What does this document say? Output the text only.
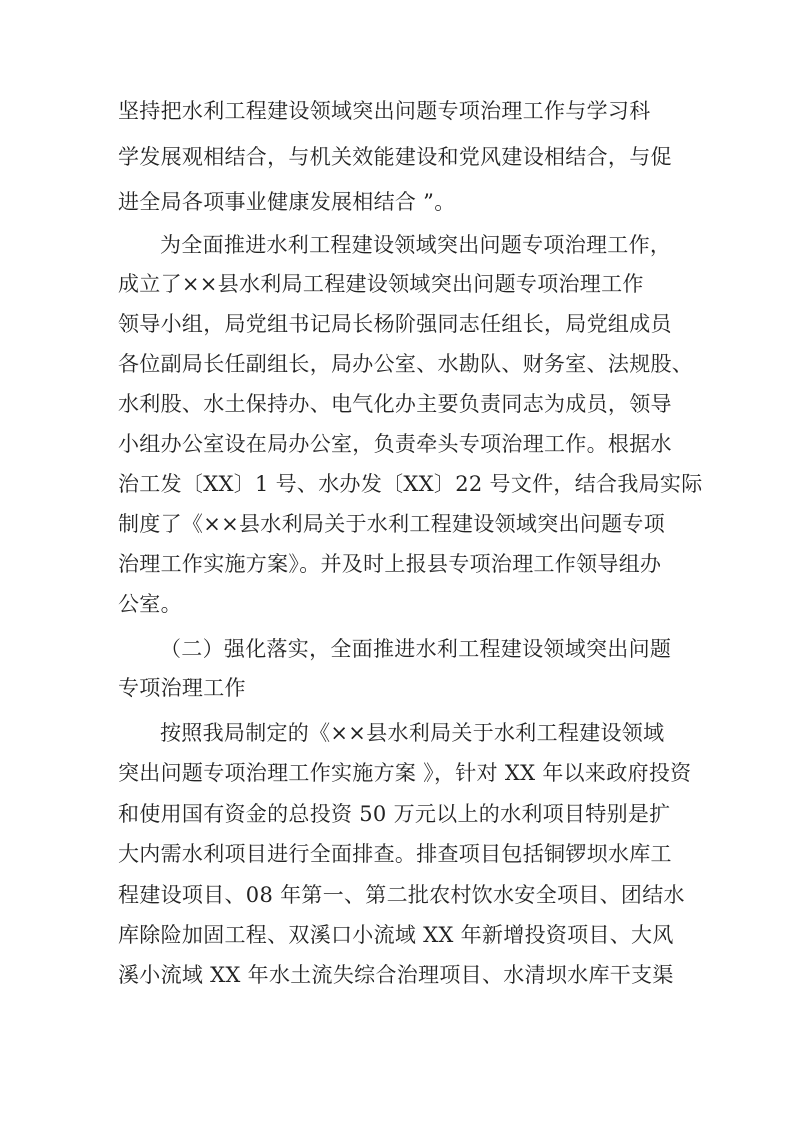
坚持把水利工程建设领域突出问题专项治理工作与学习科
学发展观相结合，与机关效能建设和党风建设相结合，与促
进全局各项事业健康发展相结合 ”。
为全面推进水利工程建设领域突出问题专项治理工作，
成立了××县水利局工程建设领域突出问题专项治理工作
领导小组，局党组书记局长杨阶强同志任组长，局党组成员
各位副局长任副组长，局办公室、水勘队、财务室、法规股、
水利股、水土保持办、电气化办主要负责同志为成员，领导
小组办公室设在局办公室，负责牵头专项治理工作。根据水
治工发〔XX〕1 号、水办发〔XX〕22 号文件，结合我局实际
制度了《××县水利局关于水利工程建设领域突出问题专项
治理工作实施方案》。并及时上报县专项治理工作领导组办
公室。
（二）强化落实，全面推进水利工程建设领域突出问题
专项治理工作
按照我局制定的《××县水利局关于水利工程建设领域
突出问题专项治理工作实施方案 》，针对 XX 年以来政府投资
和使用国有资金的总投资 50 万元以上的水利项目特别是扩
大内需水利项目进行全面排查。排查项目包括铜锣坝水库工
程建设项目、08 年第一、第二批农村饮水安全项目、团结水
库除险加固工程、双溪口小流域 XX 年新增投资项目、大风
溪小流域 XX 年水土流失综合治理项目、水清坝水库干支渠
